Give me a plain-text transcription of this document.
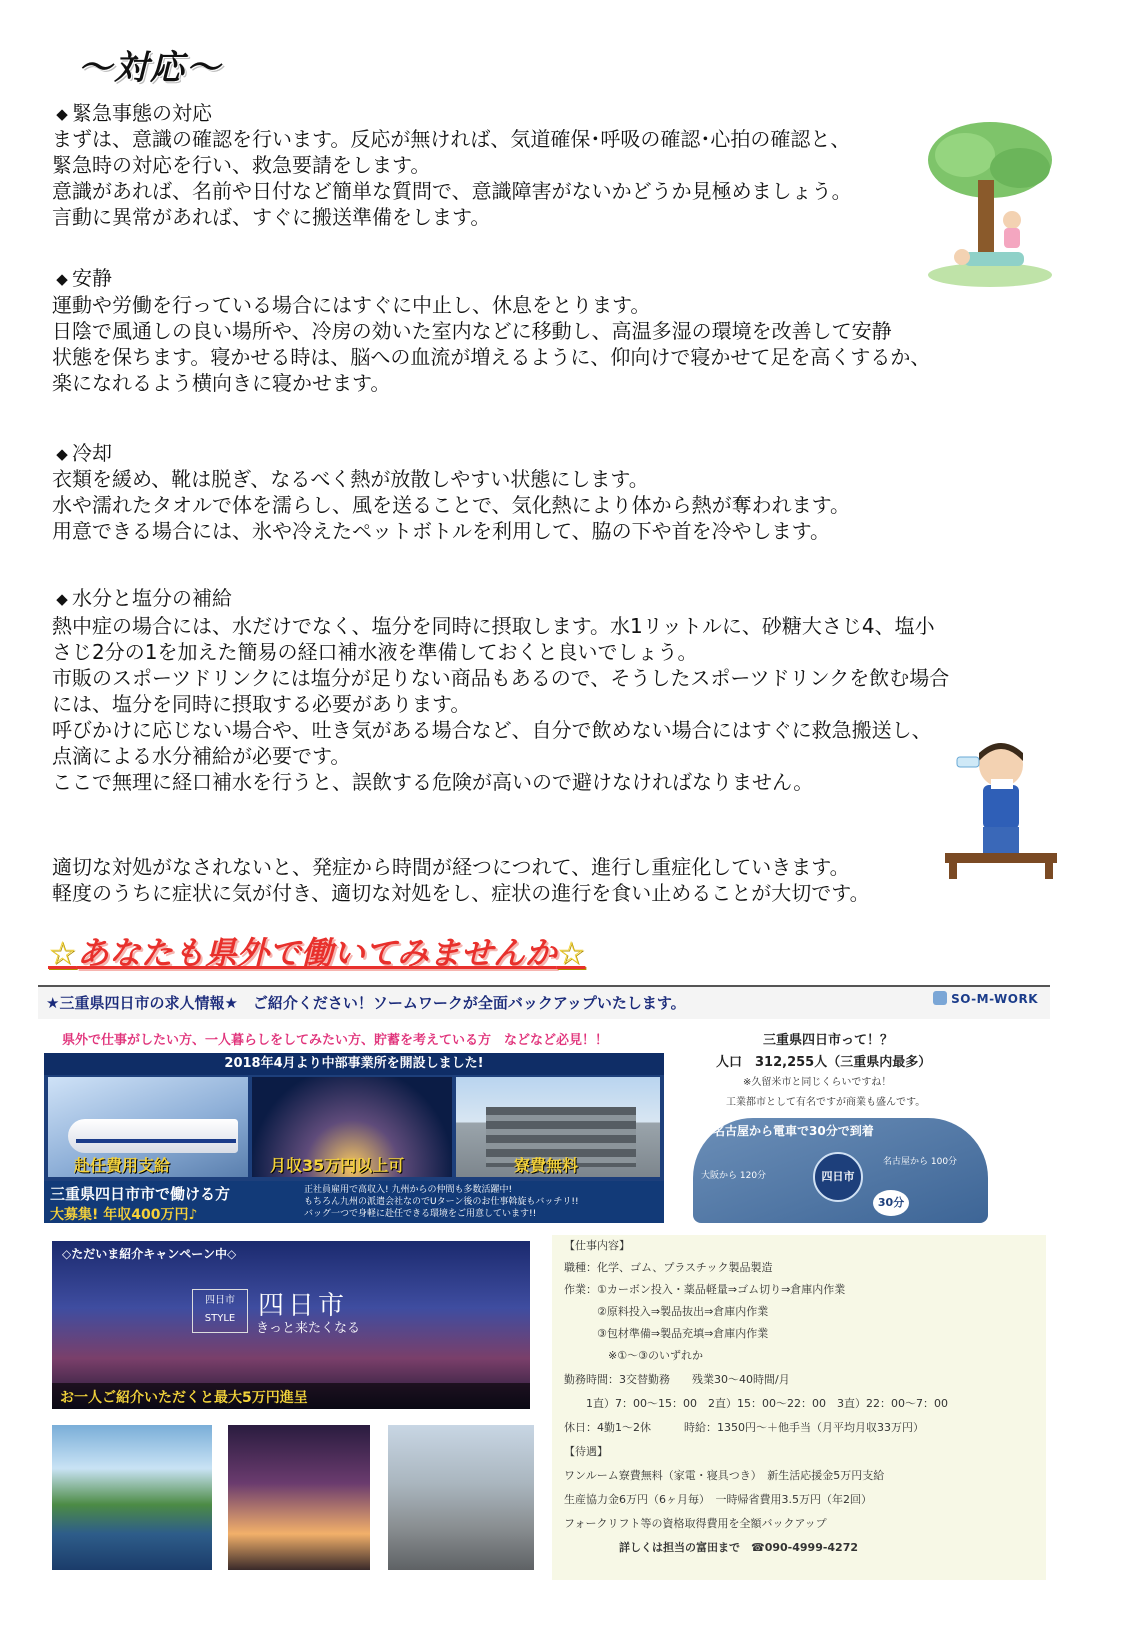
～対応～
◆ 緊急事態の対応
まずは、意識の確認を行います。反応が無ければ、気道確保･呼吸の確認･心拍の確認と、
緊急時の対応を行い、救急要請をします。
意識があれば、名前や日付など簡単な質問で、意識障害がないかどうか見極めましょう。
言動に異常があれば、すぐに搬送準備をします。
◆ 安静
運動や労働を行っている場合にはすぐに中止し、休息をとります。
日陰で風通しの良い場所や、冷房の効いた室内などに移動し、高温多湿の環境を改善して安静
状態を保ちます。寝かせる時は、脳への血流が増えるように、仰向けで寝かせて足を高くするか、
楽になれるよう横向きに寝かせます。
◆ 冷却
衣類を緩め、靴は脱ぎ、なるべく熱が放散しやすい状態にします。
水や濡れたタオルで体を濡らし、風を送ることで、気化熱により体から熱が奪われます。
用意できる場合には、氷や冷えたペットボトルを利用して、脇の下や首を冷やします。
◆ 水分と塩分の補給
熱中症の場合には、水だけでなく、塩分を同時に摂取します。水1リットルに、砂糖大さじ4、塩小
さじ2分の1を加えた簡易の経口補水液を準備しておくと良いでしょう。
市販のスポーツドリンクには塩分が足りない商品もあるので、そうしたスポーツドリンクを飲む場合
には、塩分を同時に摂取する必要があります。
呼びかけに応じない場合や、吐き気がある場合など、自分で飲めない場合にはすぐに救急搬送し、
点滴による水分補給が必要です。
ここで無理に経口補水を行うと、誤飲する危険が高いので避けなければなりません。
適切な対処がなされないと、発症から時間が経つにつれて、進行し重症化していきます。
軽度のうちに症状に気が付き、適切な対処をし、症状の進行を食い止めることが大切です。
☆あなたも県外で働いてみませんか☆
★三重県四日市の求人情報★　ご紹介ください！ソームワークが全面バックアップいたします。	SO-M-WORK
県外で仕事がしたい方、一人暮らしをしてみたい方、貯蓄を考えている方　などなど必見！！
2018年4月より中部事業所を開設しました!
赴任費用支給	月収35万円以上可	寮費無料
三重県四日市市で働ける方
大募集! 年収400万円♪
正社員雇用で高収入! 九州からの仲間も多数活躍中!
もちろん九州の派遣会社なのでUターン後のお仕事斡旋もバッチリ!!
バッグ一つで身軽に赴任できる環境をご用意しています!!
三重県四日市って！？
人口　312,255人（三重県内最多）
※久留米市と同じくらいですね！
工業都市として有名ですが商業も盛んです。
名古屋から電車で30分で到着
四日市
大阪から 120分
名古屋から 100分
30分
◇ただいま紹介キャンペーン中◇
四日市 STYLE 四日市
きっと来たくなる
お一人ご紹介いただくと最大5万円進呈
【仕事内容】
職種：化学、ゴム、プラスチック製品製造
作業：①カーボン投入・薬品軽量⇒ゴム切り⇒倉庫内作業
　　　②原料投入⇒製品抜出⇒倉庫内作業
　　　③包材準備⇒製品充填⇒倉庫内作業
　　　　※①～③のいずれか
勤務時間：3交替勤務　　残業30～40時間/月
　　1直）7：00～15：00　2直）15：00～22：00　3直）22：00～7：00
休日：4勤1～2休　　　時給：1350円～＋他手当（月平均月収33万円）
【待遇】
ワンルーム寮費無料（家電・寝具つき）　新生活応援金5万円支給
生産協力金6万円（6ヶ月毎）　一時帰省費用3.5万円（年2回）
フォークリフト等の資格取得費用を全額バックアップ
　　　　　詳しくは担当の富田まで　☎090-4999-4272
